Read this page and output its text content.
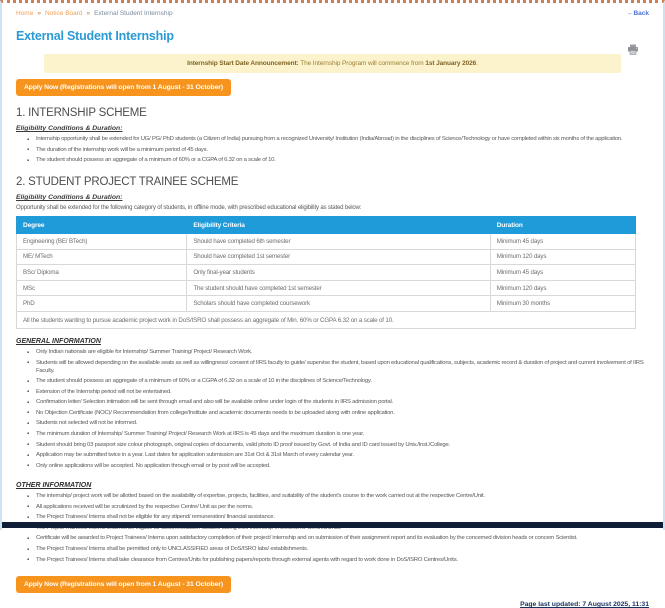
Home » Notice Board » External Student Internship	←Back
External Student Internship
Internship Start Date Announcement: The Internship Program will commence from 1st January 2026.
Apply Now (Registrations will open from 1 August - 31 October)
1. INTERNSHIP SCHEME
Eligibility Conditions & Duration:
▪ Internship opportunity shall be extended for UG/ PG/ PhD students (a Citizen of India) pursuing from a recognized University/ Institution (India/Abroad) in the disciplines of Science/Technology or have completed within six months of the application.
▪ The duration of the internship work will be a minimum period of 45 days.
▪ The student should possess an aggregate of a minimum of 60% or a CGPA of 6.32 on a scale of 10.
2. STUDENT PROJECT TRAINEE SCHEME
Eligibility Conditions & Duration:

Opportunity shall be extended for the following category of students, in offline mode, with prescribed educational eligibility as stated below:

Degree	Eligibility Criteria	Duration
Engineering (BE/ BTech)	Should have completed 6th semester	Minimum 45 days
ME/ MTech	Should have completed 1st semester	Minimum 120 days
BSc/ Diploma	Only final-year students	Minimum 45 days
MSc	The student should have completed 1st semester	Minimum 120 days
PhD	Scholars should have completed coursework	Minimum 30 months
All the students wanting to pursue academic project work in DoS/ISRO shall possess an aggregate of Min. 60% or CGPA 6.32 on a scale of 10.		
GENERAL INFORMATION
▪ Only Indian nationals are eligible for Internship/ Summer Training/ Project/ Research Work.
▪ Students will be allowed depending on the available seats as well as willingness/ consent of IIRS faculty to guide/ supervise the student, based upon educational qualifications, subjects, academic record & duration of project and current involvement of IIRS Faculty.
▪ The student should possess an aggregate of a minimum of 60% or a CGPA of 6.32 on a scale of 10 in the disciplines of Science/Technology.
▪ Extension of the Internship period will not be entertained.
▪ Confirmation letter/ Selection intimation will be sent through email and also will be available online under login of the students in IIRS admission portal.
▪ No Objection Certificate (NOC)/ Recommendation from college/Institute and academic documents needs to be uploaded along with online application.
▪ Students not selected will not be informed.
▪ The minimum duration of Internship/ Summer Training/ Project/ Research Work at IIRS is 45 days and the maximum duration is one year.
▪ Student should bring 03 passport size colour photograph, original copies of documents, valid photo ID proof issued by Govt. of India and ID card issued by Univ./Inst./College.
▪ Application may be submitted twice in a year. Last dates for application submission are 31st Oct & 31st March of every calendar year.
▪ Only online applications will be accepted. No application through email or by post will be accepted.
OTHER INFORMATION
▪ The internship/ project work will be allotted based on the availability of expertise, projects, facilities, and suitability of the student's course to the work carried out at the respective Centre/Unit.
▪ All applications received will be scrutinized by the respective Centre/ Unit as per the norms.
▪ The Project Trainees/ Interns shall not be eligible for any stipend/ remuneration/ financial assistance.
▪
▪ Certificate will be awarded to Project Trainees/ Interns upon satisfactory completion of their project/ internship and on submission of their assignment report and its evaluation by the concerned division heads or concern Scientist.
▪ The Project Trainees/ Interns shall be permitted only to UNCLASSIFIED areas of DoS/ISRO labs/ establishments.
▪ The Project Trainees/ Interns shall take clearance from Centres/Units for publishing papers/reports through external agents with regard to work done in DoS/ISRO Centres/Units.
Apply Now (Registrations will open from 1 August - 31 October)
Page last updated: 7 August 2025, 11:31
